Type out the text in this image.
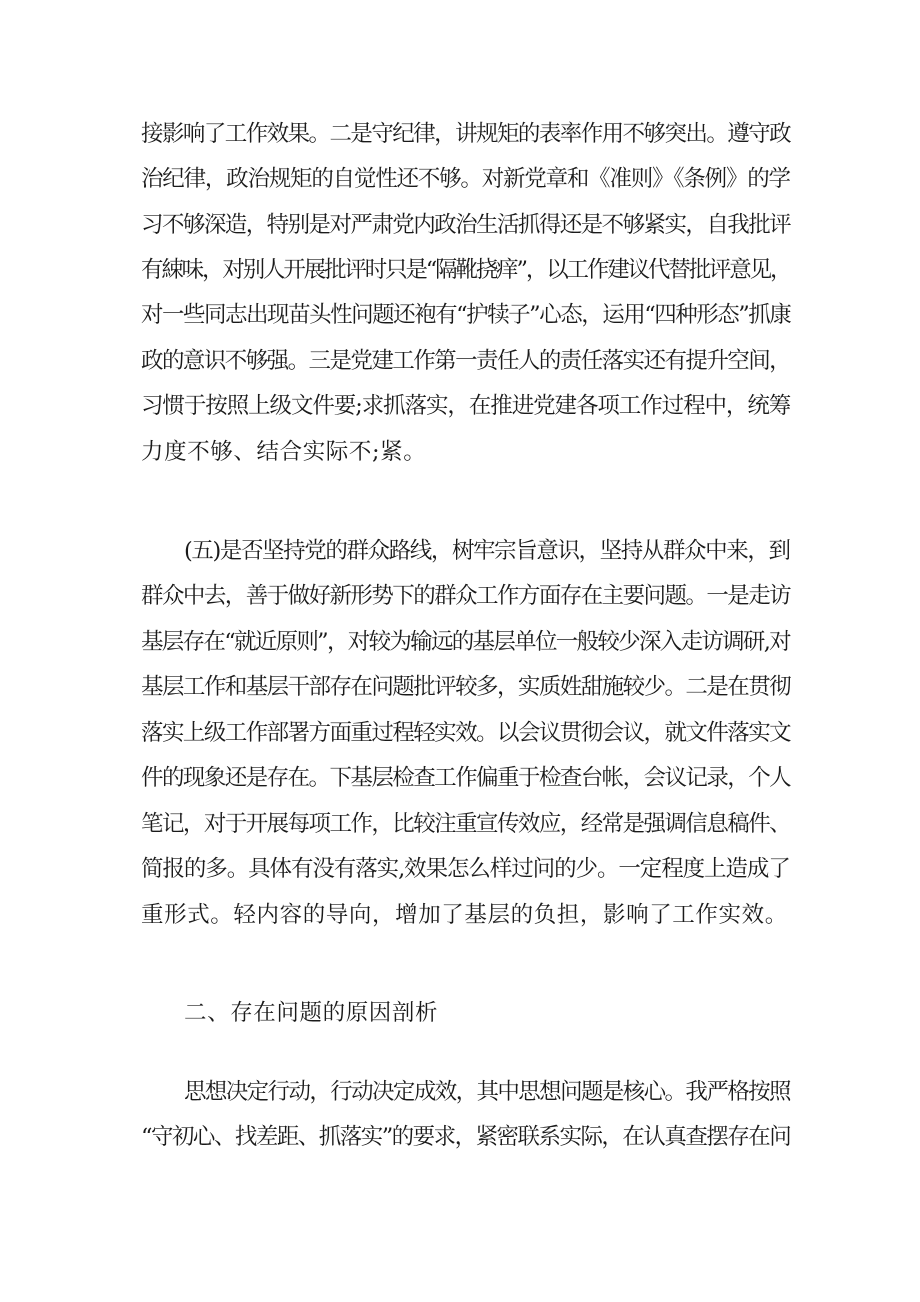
接影响了工作效果。二是守纪律，讲规矩的表率作用不够突出。遵守政
治纪律，政治规矩的自觉性还不够。对新党章和《准则》《条例》的学
习不够深造，特别是对严肃党内政治生活抓得还是不够紧实，自我批评
有綀味，对别人开展批评时只是“隔靴挠痒”，以工作建议代替批评意见，
对一些同志出现苗头性问题还袍有“护犊子”心态，运用“四种形态”抓康
政的意识不够强。三是党建工作第一责任人的责任落实还有提升空间，
习惯于按照上级文件要;求抓落实，在推进党建各项工作过程中，统筹
力度不够、结合实际不;紧。
(五)是否坚持党的群众路线，树牢宗旨意识，坚持从群众中来，到
群众中去，善于做好新形势下的群众工作方面存在主要问题。一是走访
基层存在“就近原则”，对较为输远的基层单位一般较少深入走访调研,对
基层工作和基层干部存在问题批评较多，实质姓甜施较少。二是在贯彻
落实上级工作部署方面重过程轻实效。以会议贯彻会议，就文件落实文
件的现象还是存在。下基层检查工作偏重于检查台帐，会议记录，个人
笔记，对于开展每项工作，比较注重宣传效应，经常是强调信息稿件、
简报的多。具体有没有落实,效果怎么样过问的少。一定程度上造成了
重形式。轻内容的导向，增加了基层的负担，影响了工作实效。
二、存在问题的原因剖析
思想决定行动，行动决定成效，其中思想问题是核心。我严格按照
“守初心、找差距、抓落实”的要求，紧密联系实际，在认真查摆存在问
